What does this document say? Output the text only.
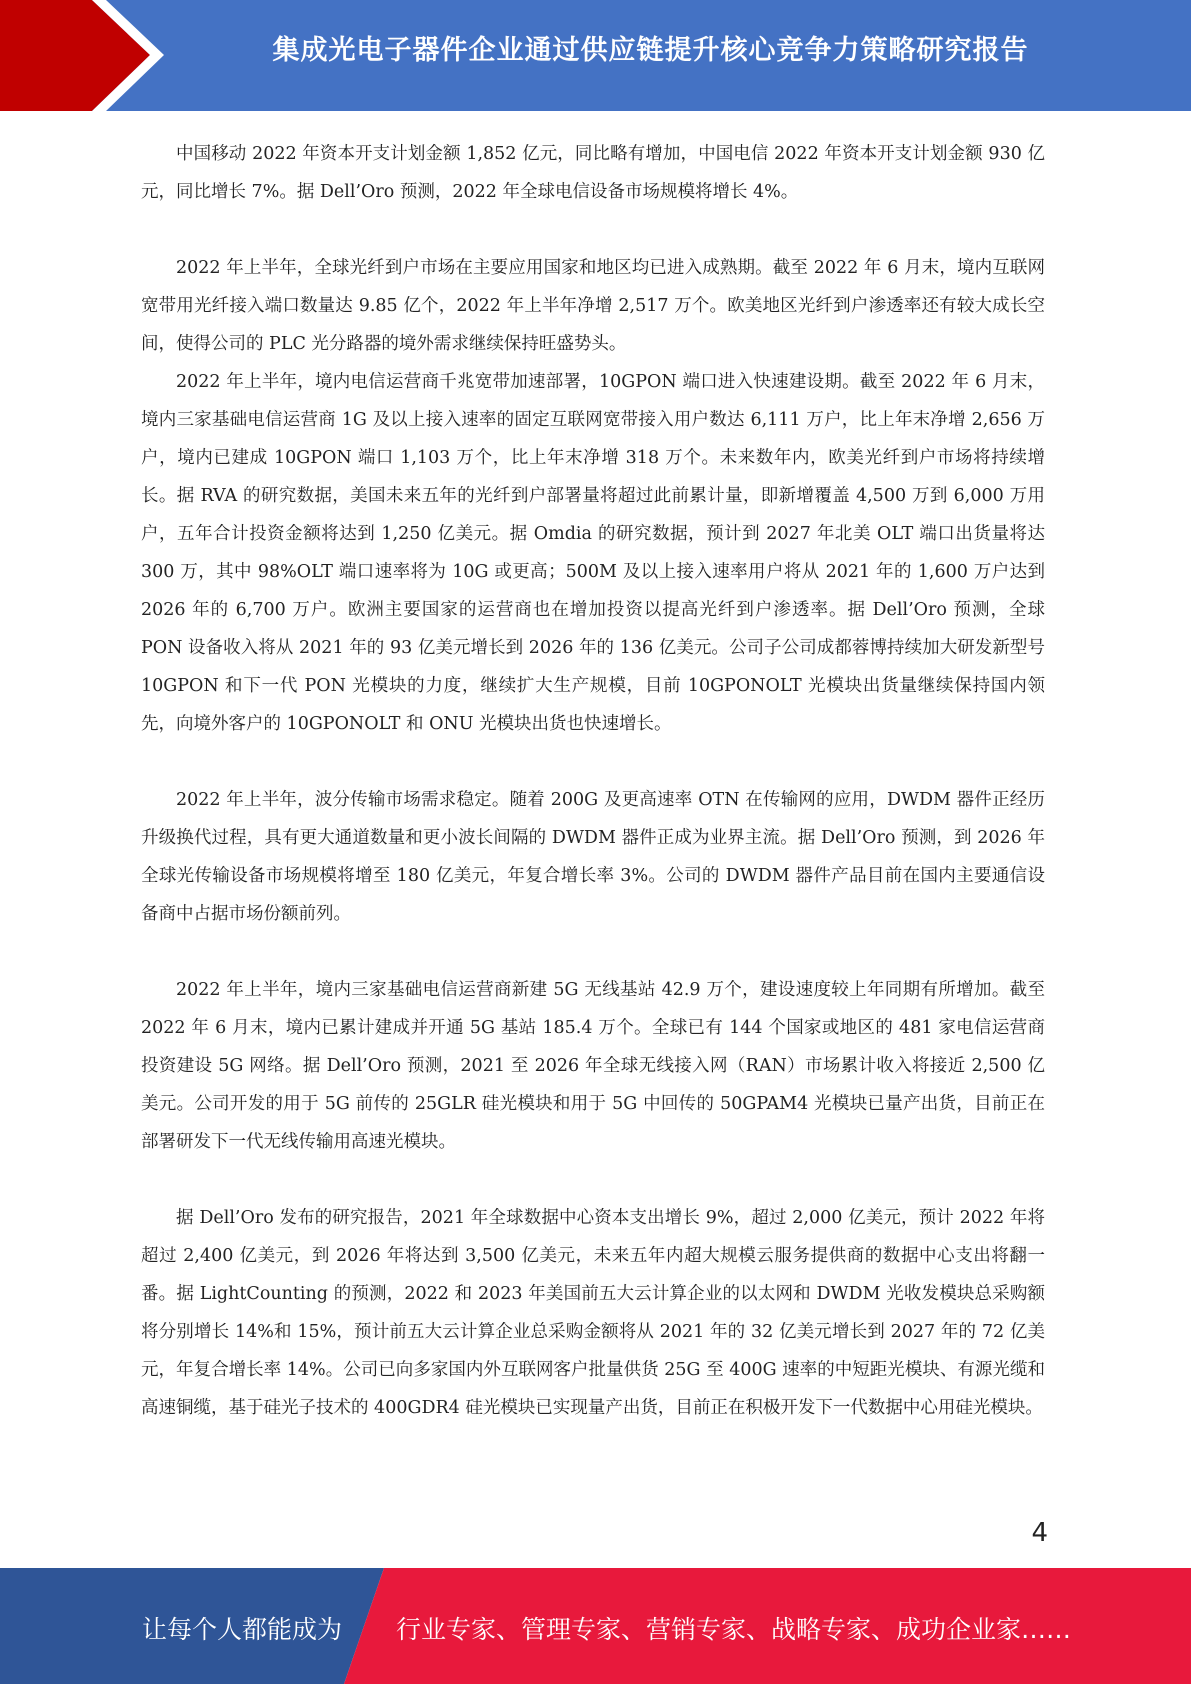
集成光电子器件企业通过供应链提升核心竞争力策略研究报告

中国移动 2022 年资本开支计划金额 1,852 亿元，同比略有增加，中国电信 2022 年资本开支计划金额 930 亿元，同比增长 7%。据 Dell’Oro 预测，2022 年全球电信设备市场规模将增长 4%。

2022 年上半年，全球光纤到户市场在主要应用国家和地区均已进入成熟期。截至 2022 年 6 月末，境内互联网宽带用光纤接入端口数量达 9.85 亿个，2022 年上半年净增 2,517 万个。欧美地区光纤到户渗透率还有较大成长空间，使得公司的 PLC 光分路器的境外需求继续保持旺盛势头。

2022 年上半年，境内电信运营商千兆宽带加速部署，10GPON 端口进入快速建设期。截至 2022 年 6 月末，境内三家基础电信运营商 1G 及以上接入速率的固定互联网宽带接入用户数达 6,111 万户，比上年末净增 2,656 万户，境内已建成 10GPON 端口 1,103 万个，比上年末净增 318 万个。未来数年内，欧美光纤到户市场将持续增长。据 RVA 的研究数据，美国未来五年的光纤到户部署量将超过此前累计量，即新增覆盖 4,500 万到 6,000 万用户，五年合计投资金额将达到 1,250 亿美元。据 Omdia 的研究数据，预计到 2027 年北美 OLT 端口出货量将达 300 万，其中 98%OLT 端口速率将为 10G 或更高；500M 及以上接入速率用户将从 2021 年的 1,600 万户达到 2026 年的 6,700 万户。欧洲主要国家的运营商也在增加投资以提高光纤到户渗透率。据 Dell’Oro 预测，全球 PON 设备收入将从 2021 年的 93 亿美元增长到 2026 年的 136 亿美元。公司子公司成都蓉博持续加大研发新型号 10GPON 和下一代 PON 光模块的力度，继续扩大生产规模，目前 10GPONOLT 光模块出货量继续保持国内领先，向境外客户的 10GPONOLT 和 ONU 光模块出货也快速增长。

2022 年上半年，波分传输市场需求稳定。随着 200G 及更高速率 OTN 在传输网的应用，DWDM 器件正经历升级换代过程，具有更大通道数量和更小波长间隔的 DWDM 器件正成为业界主流。据 Dell’Oro 预测，到 2026 年全球光传输设备市场规模将增至 180 亿美元，年复合增长率 3%。公司的 DWDM 器件产品目前在国内主要通信设备商中占据市场份额前列。

2022 年上半年，境内三家基础电信运营商新建 5G 无线基站 42.9 万个，建设速度较上年同期有所增加。截至 2022 年 6 月末，境内已累计建成并开通 5G 基站 185.4 万个。全球已有 144 个国家或地区的 481 家电信运营商投资建设 5G 网络。据 Dell’Oro 预测，2021 至 2026 年全球无线接入网（RAN）市场累计收入将接近 2,500 亿美元。公司开发的用于 5G 前传的 25GLR 硅光模块和用于 5G 中回传的 50GPAM4 光模块已量产出货，目前正在部署研发下一代无线传输用高速光模块。

据 Dell’Oro 发布的研究报告，2021 年全球数据中心资本支出增长 9%，超过 2,000 亿美元，预计 2022 年将超过 2,400 亿美元，到 2026 年将达到 3,500 亿美元，未来五年内超大规模云服务提供商的数据中心支出将翻一番。据 LightCounting 的预测，2022 和 2023 年美国前五大云计算企业的以太网和 DWDM 光收发模块总采购额将分别增长 14%和 15%，预计前五大云计算企业总采购金额将从 2021 年的 32 亿美元增长到 2027 年的 72 亿美元，年复合增长率 14%。公司已向多家国内外互联网客户批量供货 25G 至 400G 速率的中短距光模块、有源光缆和高速铜缆，基于硅光子技术的 400GDR4 硅光模块已实现量产出货，目前正在积极开发下一代数据中心用硅光模块。

4
让每个人都能成为 行业专家、管理专家、营销专家、战略专家、成功企业家……
